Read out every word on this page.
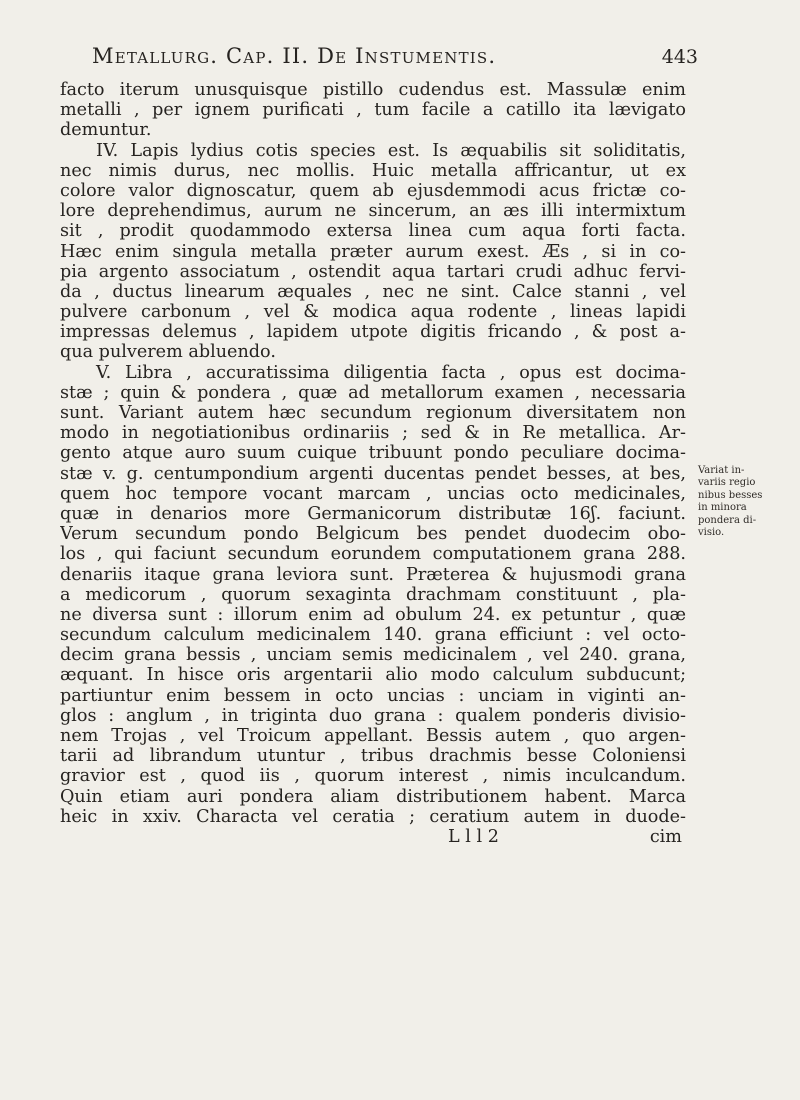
Metallurg. Cap. II. De Instumentis.	443
facto iterum unusquisque pistillo cudendus est. Massulæ enim
metalli , per ignem purificati , tum facile a catillo ita lævigato
demuntur.
IV. Lapis lydius cotis species est. Is æquabilis sit soliditatis,
nec nimis durus, nec mollis. Huic metalla affricantur, ut ex
colore valor dignoscatur, quem ab ejusdemmodi acus frictæ co-
lore deprehendimus, aurum ne sincerum, an æs illi intermixtum
sit , prodit quodammodo extersa linea cum aqua forti facta.
Hæc enim singula metalla præter aurum exest. Æs , si in co-
pia argento associatum , ostendit aqua tartari crudi adhuc fervi-
da , ductus linearum æquales , nec ne sint. Calce stanni , vel
pulvere carbonum , vel & modica aqua rodente , lineas lapidi
impressas delemus , lapidem utpote digitis fricando , & post a-
qua pulverem abluendo.
V. Libra , accuratissima diligentia facta , opus est docima-
stæ ; quin & pondera , quæ ad metallorum examen , necessaria
sunt. Variant autem hæc secundum regionum diversitatem non
modo in negotiationibus ordinariis ; sed & in Re metallica. Ar-
gento atque auro suum cuique tribuunt pondo peculiare docima-
stæ v. g. centumpondium argenti ducentas pendet besses, at bes,
quem hoc tempore vocant marcam , uncias octo medicinales,
quæ in denarios more Germanicorum distributæ 16ʃ. faciunt.
Verum secundum pondo Belgicum bes pendet duodecim obo-
los , qui faciunt secundum eorundem computationem grana 288.
denariis itaque grana leviora sunt. Præterea & hujusmodi grana
a medicorum , quorum sexaginta drachmam constituunt , pla-
ne diversa sunt : illorum enim ad obulum 24. ex petuntur , quæ
secundum calculum medicinalem 140. grana efficiunt : vel octo-
decim grana bessis , unciam semis medicinalem , vel 240. grana,
æquant. In hisce oris argentarii alio modo calculum subducunt;
partiuntur enim bessem in octo uncias : unciam in viginti an-
glos : anglum , in triginta duo grana : qualem ponderis divisio-
nem Trojas , vel Troicum appellant. Bessis autem , quo argen-
tarii ad librandum utuntur , tribus drachmis besse Coloniensi
gravior est , quod iis , quorum interest , nimis inculcandum.
Quin etiam auri pondera aliam distributionem habent. Marca
heic in xxiv. Characta vel ceratia ; ceratium autem in duode-
L l l 2	cim
Variat in-
variis regio
nibus besses
in minora
pondera di-
visio.
